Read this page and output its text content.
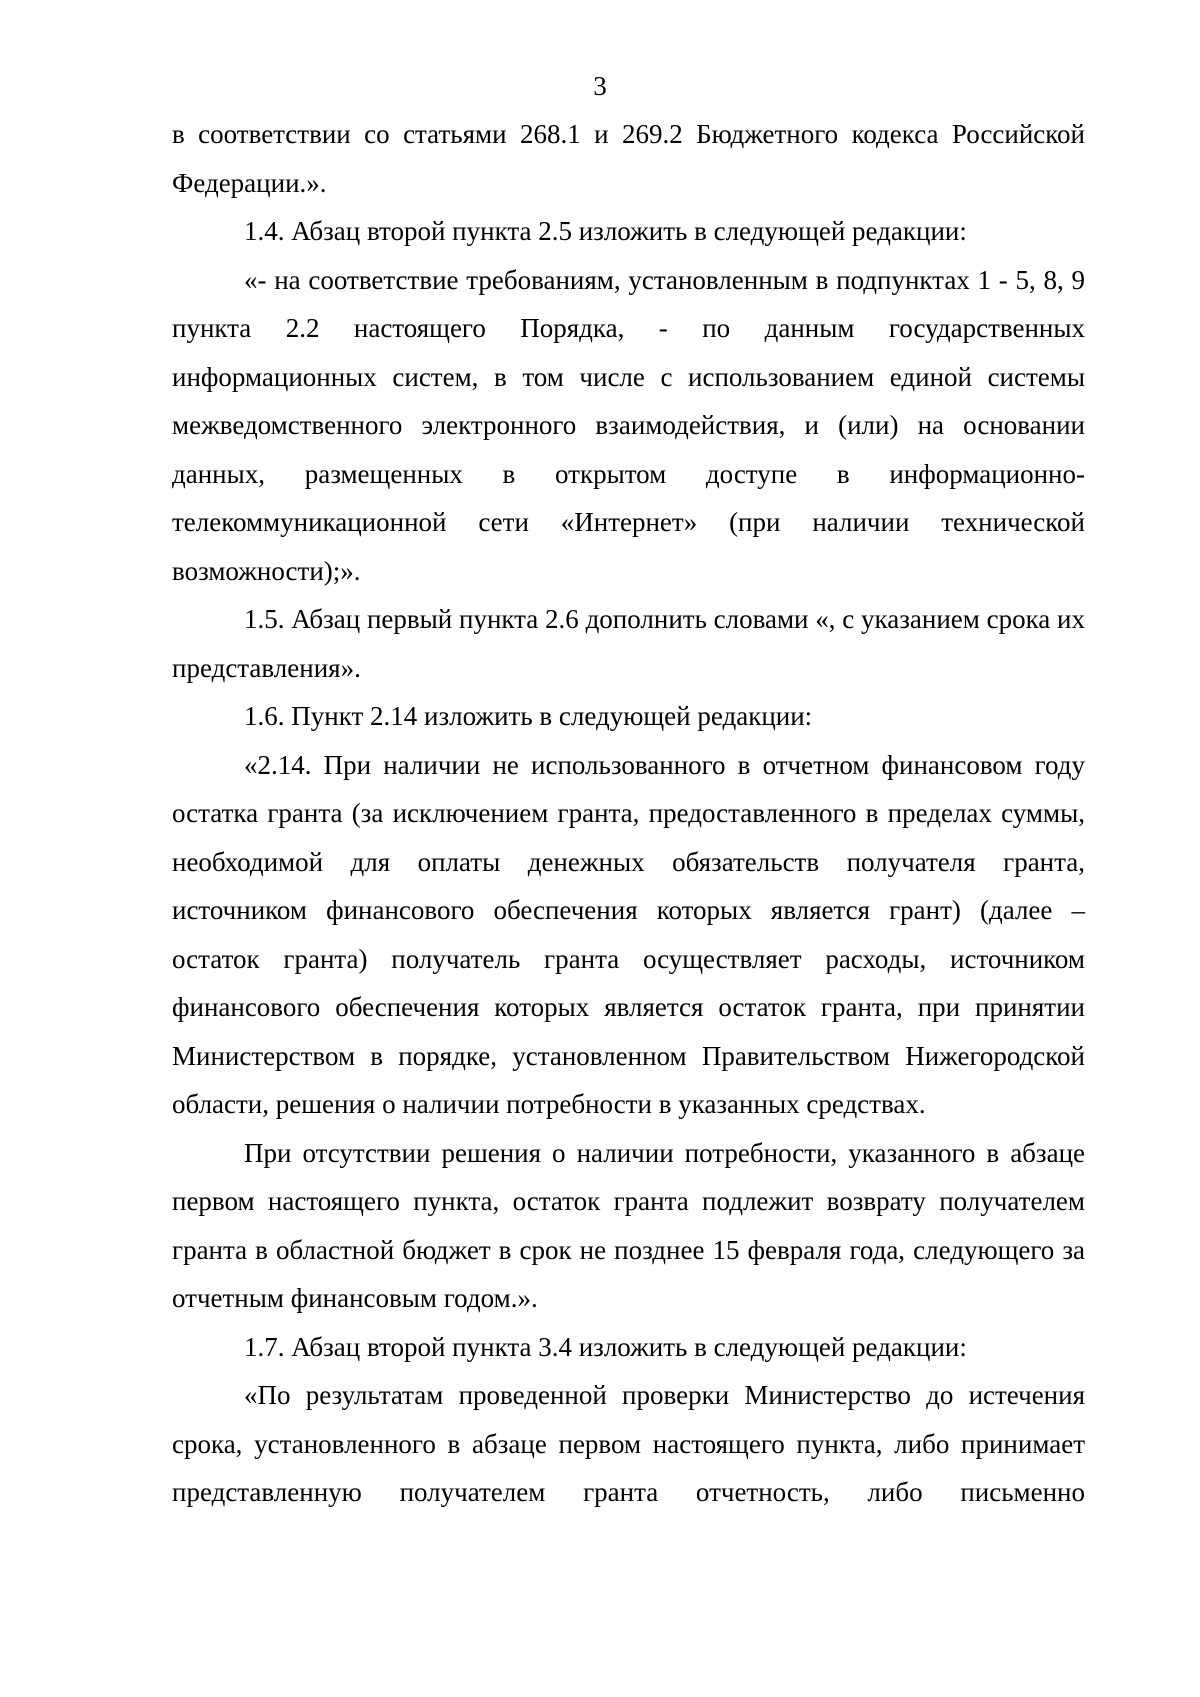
3

в соответствии со статьями 268.1 и 269.2 Бюджетного кодекса Российской Федерации.».

1.4. Абзац второй пункта 2.5 изложить в следующей редакции:

«- на соответствие требованиям, установленным в подпунктах 1 - 5, 8, 9 пункта 2.2 настоящего Порядка, - по данным государственных информационных систем, в том числе с использованием единой системы межведомственного электронного взаимодействия, и (или) на основании данных, размещенных в открытом доступе в информационно-телекоммуникационной сети «Интернет» (при наличии технической возможности);».

1.5. Абзац первый пункта 2.6 дополнить словами «, с указанием срока их представления».

1.6. Пункт 2.14 изложить в следующей редакции:

«2.14. При наличии не использованного в отчетном финансовом году остатка гранта (за исключением гранта, предоставленного в пределах суммы, необходимой для оплаты денежных обязательств получателя гранта, источником финансового обеспечения которых является грант) (далее – остаток гранта) получатель гранта осуществляет расходы, источником финансового обеспечения которых является остаток гранта, при принятии Министерством в порядке, установленном Правительством Нижегородской области, решения о наличии потребности в указанных средствах.

При отсутствии решения о наличии потребности, указанного в абзаце первом настоящего пункта, остаток гранта подлежит возврату получателем гранта в областной бюджет в срок не позднее 15 февраля года, следующего за отчетным финансовым годом.».

1.7. Абзац второй пункта 3.4 изложить в следующей редакции:

«По результатам проведенной проверки Министерство до истечения срока, установленного в абзаце первом настоящего пункта, либо принимает представленную получателем гранта отчетность, либо письменно
